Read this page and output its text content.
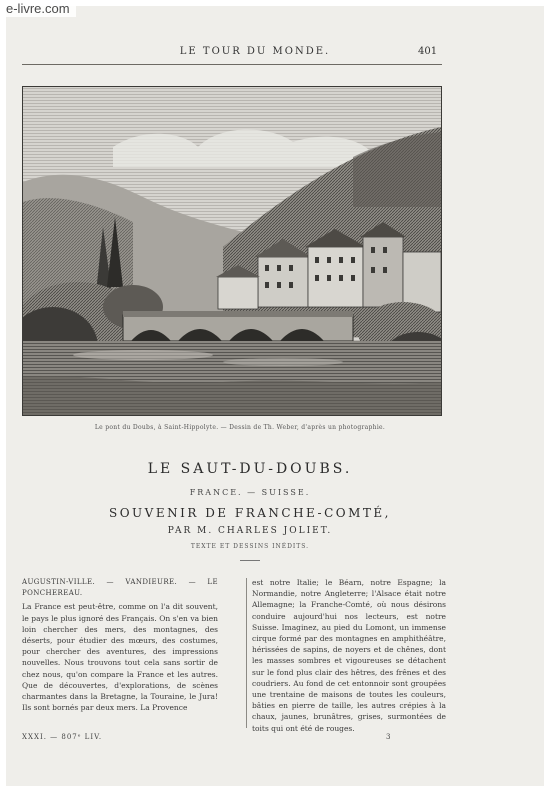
e-livre.com
LE TOUR DU MONDE.	401
Le pont du Doubs, à Saint-Hippolyte. — Dessin de Th. Weber, d'après un photographie.
LE SAUT-DU-DOUBS.
FRANCE. — SUISSE.
SOUVENIR DE FRANCHE-COMTÉ,
PAR M. CHARLES JOLIET.
TEXTE ET DESSINS INÉDITS.

AUGUSTIN-VILLE. — VANDIEURE. — LE PONCHEREAU.

La France est peut-être, comme on l'a dit souvent, le pays le plus ignoré des Français. On s'en va bien loin chercher des mers, des montagnes, des déserts, pour étudier des mœurs, des costumes, pour chercher des aventures, des impressions nouvelles. Nous trouvons tout cela sans sortir de chez nous, qu'on compare la France et les autres. Que de découvertes, d'explorations, de scènes charmantes dans la Bretagne, la Touraine, le Jura! Ils sont bornés par deux mers. La Provence

est notre Italie; le Béarn, notre Espagne; la Normandie, notre Angleterre; l'Alsace était notre Allemagne; la Franche-Comté, où nous désirons conduire aujourd'hui nos lecteurs, est notre Suisse. Imaginez, au pied du Lomont, un immense cirque formé par des montagnes en amphithéâtre, hérissées de sapins, de noyers et de chênes, dont les masses sombres et vigoureuses se détachent sur le fond plus clair des hêtres, des frênes et des coudriers. Au fond de cet entonnoir sont groupées une trentaine de maisons de toutes les couleurs, bâties en pierre de taille, les autres crépies à la chaux, jaunes, brunâtres, grises, surmontées de toits qui ont été de rouges.

XXXI. — 807ᵉ LIV.	3
